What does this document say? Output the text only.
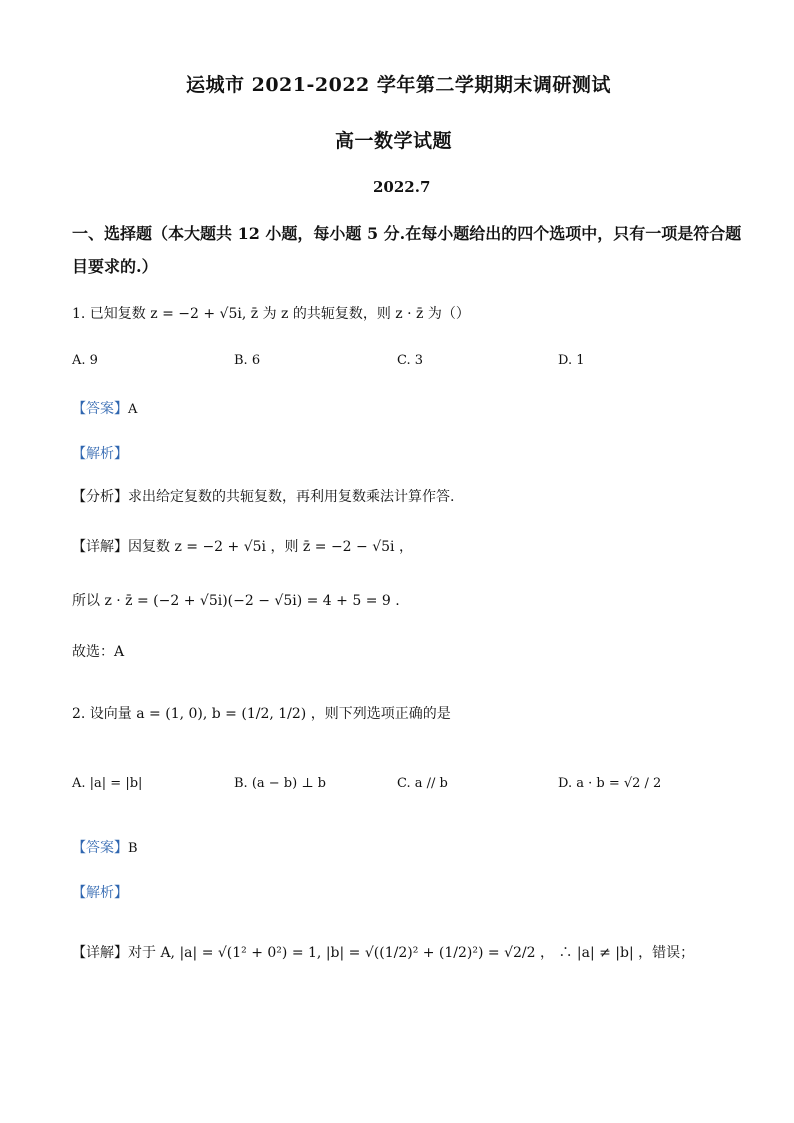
运城市 2021-2022 学年第二学期期末调研测试
高一数学试题
2022.7
一、选择题（本大题共 12 小题，每小题 5 分.在每小题给出的四个选项中，只有一项是符合题
目要求的.）
1. 已知复数 z = −2 + √5i, z̄ 为 z 的共轭复数，则 z · z̄ 为（）
A. 9	B. 6	C. 3	D. 1
【答案】A
【解析】
【分析】求出给定复数的共轭复数，再利用复数乘法计算作答.
【详解】因复数 z = −2 + √5i ，则 z̄ = −2 − √5i ，
所以 z · z̄ = (−2 + √5i)(−2 − √5i) = 4 + 5 = 9 .
故选：A
2. 设向量 a = (1, 0), b = (1/2, 1/2) ，则下列选项正确的是
A. |a| = |b|	B. (a − b) ⊥ b	C. a // b	D. a · b = √2 / 2
【答案】B
【解析】
【详解】对于 A, |a| = √(1² + 0²) = 1, |b| = √((1/2)² + (1/2)²) = √2/2 ， ∴ |a| ≠ |b| ，错误；
